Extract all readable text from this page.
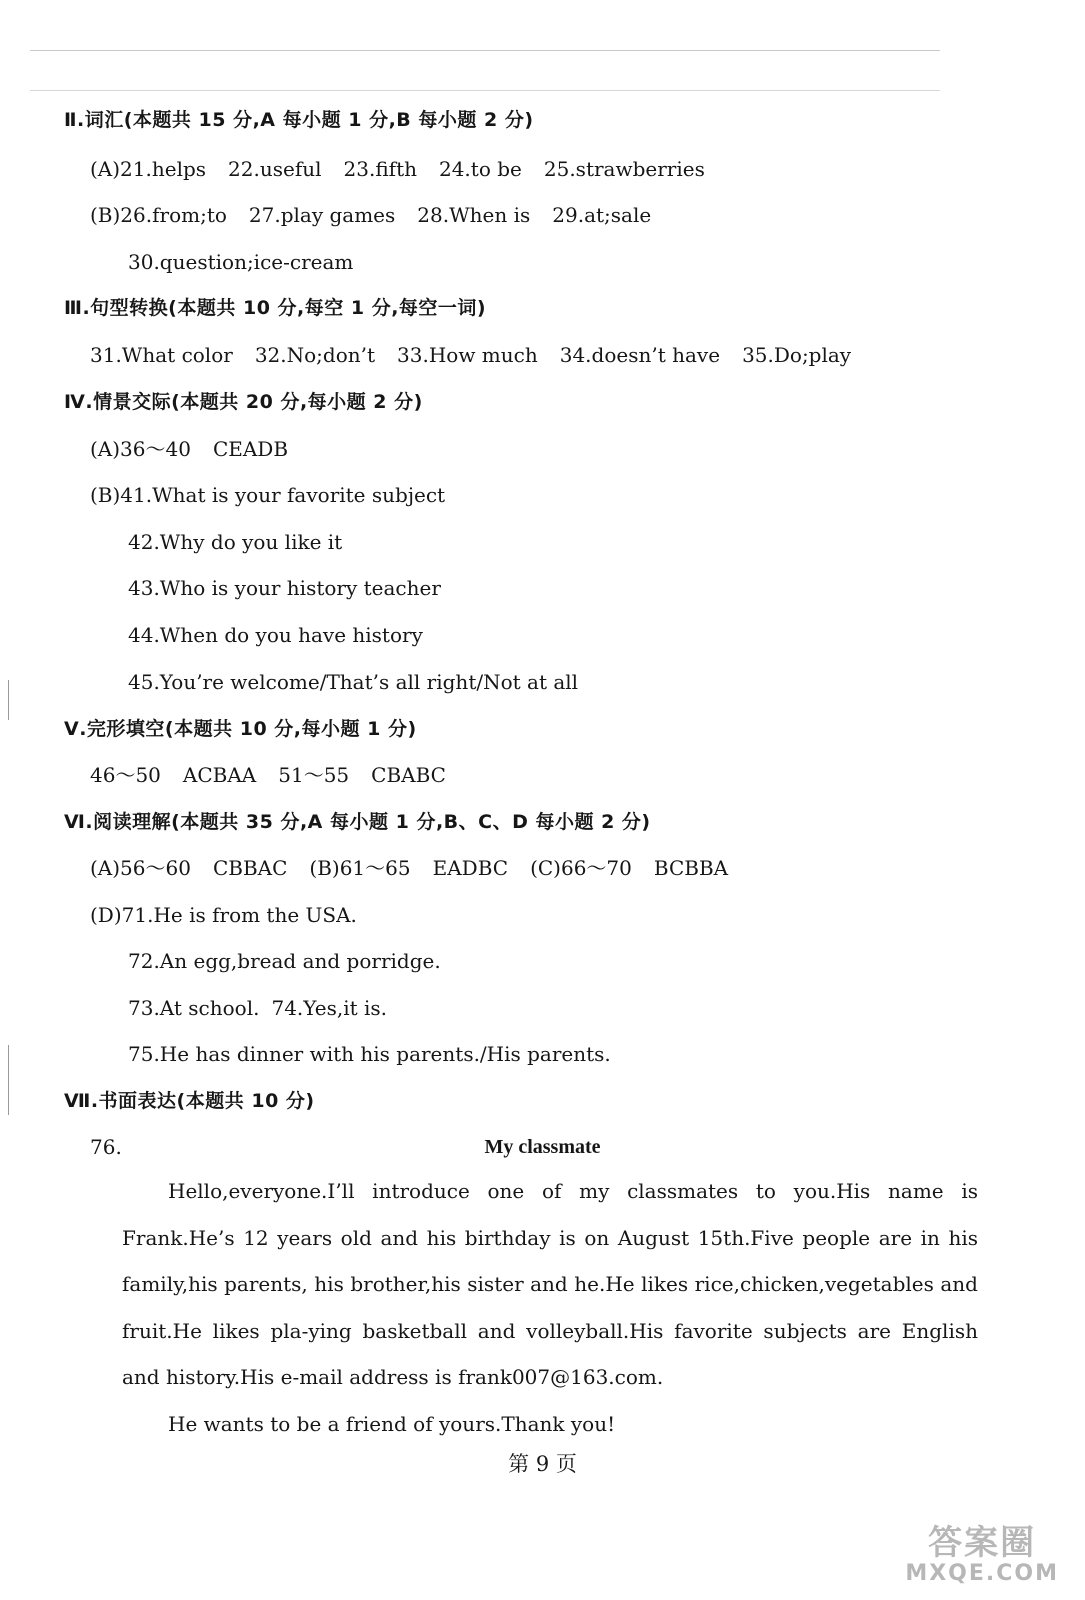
Ⅱ.词汇(本题共 15 分,A 每小题 1 分,B 每小题 2 分)
(A)21.helps 22.useful 23.fifth 24.to be 25.strawberries
(B)26.from;to 27.play games 28.When is 29.at;sale
30.question;ice-cream
Ⅲ.句型转换(本题共 10 分,每空 1 分,每空一词)
31.What color 32.No;don’t 33.How much 34.doesn’t have 35.Do;play
Ⅳ.情景交际(本题共 20 分,每小题 2 分)
(A)36～40 CEADB
(B)41.What is your favorite subject
42.Why do you like it
43.Who is your history teacher
44.When do you have history
45.You’re welcome/That’s all right/Not at all
Ⅴ.完形填空(本题共 10 分,每小题 1 分)
46～50 ACBAA 51～55 CBABC
Ⅵ.阅读理解(本题共 35 分,A 每小题 1 分,B、C、D 每小题 2 分)
(A)56～60 CBBAC (B)61～65 EADBC (C)66～70 BCBBA
(D)71.He is from the USA.
72.An egg,bread and porridge.
73.At school. 74.Yes,it is.
75.He has dinner with his parents./His parents.
Ⅶ.书面表达(本题共 10 分)
76.	My classmate

Hello,everyone.I’ll introduce one of my classmates to you.His name is Frank.He’s 12 years old and his birthday is on August 15th.Five people are in his family,his parents, his brother,his sister and he.He likes rice,chicken,vegetables and fruit.He likes pla-ying basketball and volleyball.His favorite subjects are English and history.His e-mail address is frank007@163.com.

He wants to be a friend of yours.Thank you!

第 9 页
答案圈
MXQE.COM
